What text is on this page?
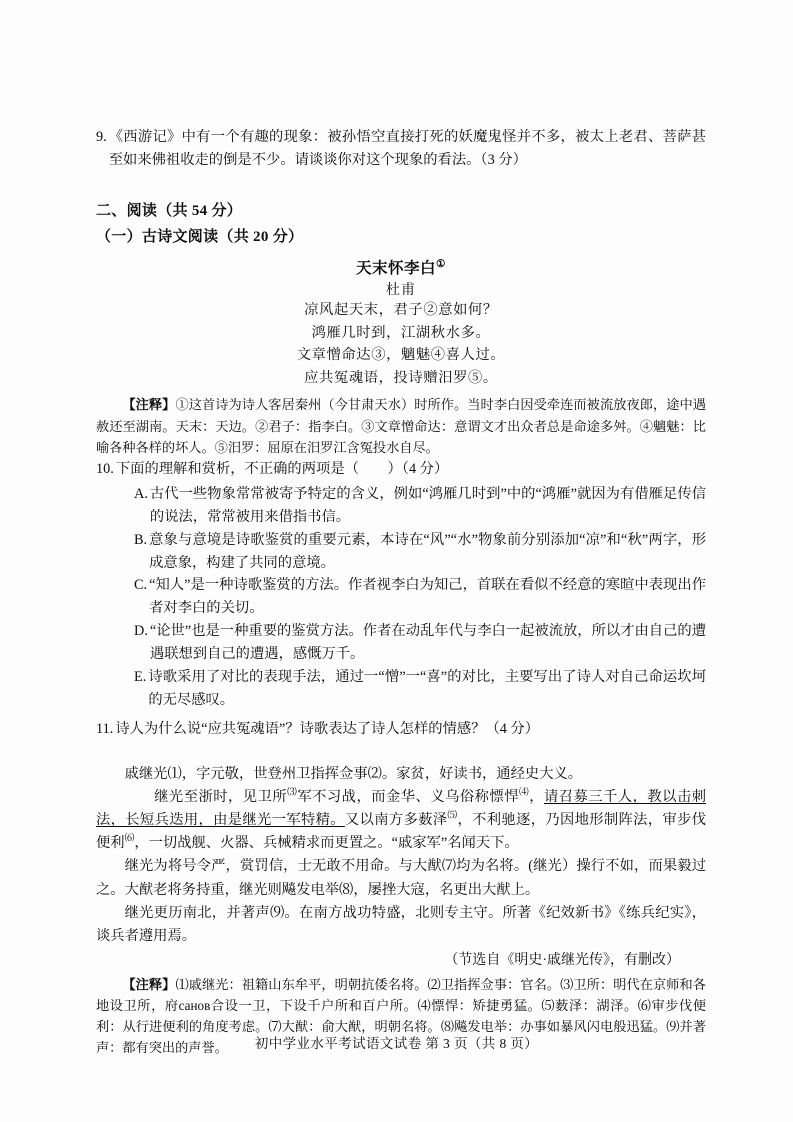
9. 《西游记》中有一个有趣的现象：被孙悟空直接打死的妖魔鬼怪并不多，被太上老君、菩萨甚至如来佛祖收走的倒是不少。请谈谈你对这个现象的看法。（3 分）
二、阅读（共 54 分）
（一）古诗文阅读（共 20 分）
天末怀李白①
杜甫
凉风起天末，君子②意如何？
鸿雁几时到，江湖秋水多。
文章憎命达③，魑魅④喜人过。
应共冤魂语，投诗赠汨罗⑤。
【注释】①这首诗为诗人客居秦州（今甘肃天水）时所作。当时李白因受牵连而被流放夜郎，途中遇赦还至湖南。天末：天边。②君子：指李白。③文章憎命达：意谓文才出众者总是命途多舛。④魑魅：比喻各种各样的坏人。⑤汨罗：屈原在汨罗江含冤投水自尽。
10. 下面的理解和赏析，不正确的两项是（　　）（4 分）
A. 古代一些物象常常被寄予特定的含义，例如“鸿雁几时到”中的“鸿雁”就因为有借雁足传信的说法，常常被用来借指书信。
B. 意象与意境是诗歌鉴赏的重要元素，本诗在“风”“水”物象前分别添加“凉”和“秋”两字，形成意象，构建了共同的意境。
C. “知人”是一种诗歌鉴赏的方法。作者视李白为知己，首联在看似不经意的寒暄中表现出作者对李白的关切。
D. “论世”也是一种重要的鉴赏方法。作者在动乱年代与李白一起被流放，所以才由自己的遭遇联想到自己的遭遇，感慨万千。
E. 诗歌采用了对比的表现手法，通过一“憎”一“喜”的对比，主要写出了诗人对自己命运坎坷的无尽感叹。
11. 诗人为什么说“应共冤魂语”？诗歌表达了诗人怎样的情感？（4 分）
戚继光⑴，字元敬，世登州卫指挥佥事⑵。家贫，好读书，通经史大义。
　　继光至浙时，见卫所⑶军不习战，而金华、义乌俗称慓悍⑷，请召募三千人，教以击刺法，长短兵迭用，由是继光一军特精。又以南方多薮泽⑸，不利驰逐，乃因地形制阵法，审步伐便利⑹，一切战舰、火器、兵械精求而更置之。“戚家军”名闻天下。
继光为将号令严，赏罚信，士无敢不用命。与大猷⑺均为名将。(继光）操行不如，而果毅过之。大猷老将务持重，继光则飚发电举⑻，屡挫大寇，名更出大猷上。
继光更历南北，并著声⑼。在南方战功特盛，北则专主守。所著《纪效新书》《练兵纪实》，谈兵者遵用焉。
（节选自《明史·戚继光传》，有删改）
【注释】⑴戚继光：祖籍山东牟平，明朝抗倭名将。⑵卫指挥佥事：官名。⑶卫所：明代在京师和各地设卫所，府санов合设一卫，下设千户所和百户所。⑷慓悍：矫捷勇猛。⑸薮泽：湖泽。⑹审步伐便利：从行进便利的角度考虑。⑺大猷：俞大猷，明朝名将。⑻飚发电举：办事如暴风闪电般迅猛。⑼并著声：都有突出的声誉。	初中学业水平考试语文试卷 第 3 页（共 8 页）
